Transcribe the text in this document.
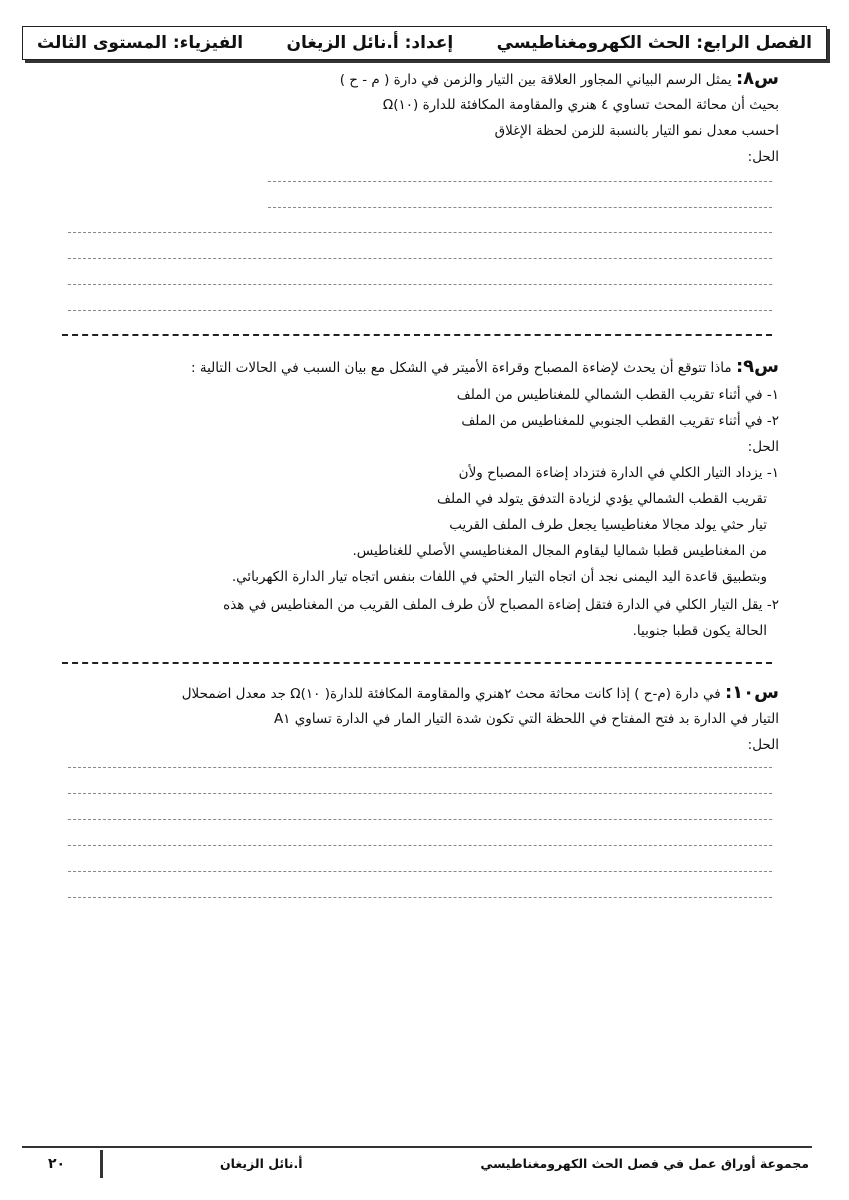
الفصل الرابع: الحث الكهرومغناطيسي
إعداد: أ.نائل الزيغان
الفيزياء: المستوى الثالث
س٨: يمثل الرسم البياني المجاور العلاقة بين التيار والزمن في دارة ( م - ح )
بحيث أن محاثة المحث تساوي ٤ هنري والمقاومة المكافئة للدارة (١٠)Ω
احسب معدل نمو التيار بالنسبة للزمن لحظة الإغلاق
الحل:
س٩: ماذا تتوقع أن يحدث لإضاءة المصباح وقراءة الأميتر في الشكل مع بيان السبب في الحالات التالية :
١- في أثناء تقريب القطب الشمالي للمغناطيس من الملف
٢- في أثناء تقريب القطب الجنوبي للمغناطيس من الملف
الحل:
١- يزداد التيار الكلي في الدارة فتزداد إضاءة المصباح ولأن
تقريب القطب الشمالي يؤدي لزيادة التدفق يتولد في الملف
تيار حثي يولد مجالا مغناطيسيا يجعل طرف الملف القريب
من المغناطيس قطبا شماليا ليقاوم المجال المغناطيسي الأصلي للغناطيس.
وبتطبيق قاعدة اليد اليمنى نجد أن اتجاه التيار الحثي في اللفات بنفس اتجاه تيار الدارة الكهربائي.
٢- يقل التيار الكلي في الدارة فتقل إضاءة المصباح لأن طرف الملف القريب من المغناطيس في هذه
الحالة يكون قطبا جنوبيا.
س١٠: في دارة (م-ح ) إذا كانت محاثة محث ٢هنري والمقاومة المكافئة للدارة( ١٠)Ω جد معدل اضمحلال
التيار في الدارة بد فتح المفتاح في اللحظة التي تكون شدة التيار المار في الدارة تساوي A١
الحل:
مجموعة أوراق عمل في فصل الحث الكهرومغناطيسي
أ.نائل الزيغان
٢٠
